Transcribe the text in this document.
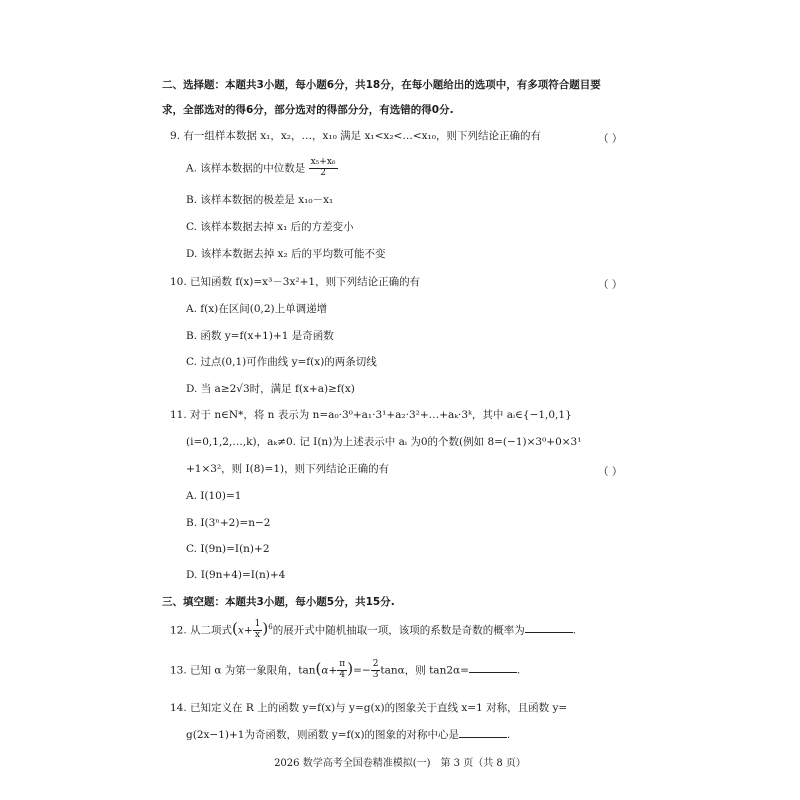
二、选择题：本题共3小题，每小题6分，共18分，在每小题给出的选项中，有多项符合题目要
求，全部选对的得6分，部分选对的得部分分，有选错的得0分.
9. 有一组样本数据 x₁，x₂，…，x₁₀ 满足 x₁<x₂<…<x₁₀，则下列结论正确的有	（ ）
A. 该样本数据的中位数是 $\frac{\text{x₅+x₆}}{2}$
B. 该样本数据的极差是 x₁₀－x₁
C. 该样本数据去掉 x₁ 后的方差变小
D. 该样本数据去掉 x₂ 后的平均数可能不变
10. 已知函数 f(x)=x³－3x²+1，则下列结论正确的有	（ ）
A. f(x)在区间(0,2)上单调递增
B. 函数 y=f(x+1)+1 是奇函数
C. 过点(0,1)可作曲线 y=f(x)的两条切线
D. 当 a≥2√3时，满足 f(x+a)≥f(x)
11. 对于 n∈N*，将 n 表示为 n=a₀·3⁰+a₁·3¹+a₂·3²+…+aₖ·3ᵏ，其中 aᵢ∈{−1,0,1}
(i=0,1,2,…,k)，aₖ≠0. 记 I(n)为上述表示中 aᵢ 为0的个数(例如 8=(−1)×3⁰+0×3¹
+1×3²，则 I(8)=1)，则下列结论正确的有	（ ）
A. I(10)=1
B. I(3ⁿ+2)=n−2
C. I(9n)=I(n)+2
D. I(9n+4)=I(n)+4
三、填空题：本题共3小题，每小题5分，共15分.
12. 从二项式$(x+ \frac{1}{x} )^6$的展开式中随机抽取一项，该项的系数是奇数的概率为	.
13. 已知 α 为第一象限角，$\tan(\alpha+ \frac{\pi}{4}$ )=− $\frac{2}{3}$ tanα，则 tan2α=	.
14. 已知定义在 R 上的函数 y=f(x)与 y=g(x)的图象关于直线 x=1 对称，且函数 y=
g(2x−1)+1为奇函数，则函数 y=f(x)的图象的对称中心是	.
2026 数学高考全国卷精准模拟(一)　第 3 页（共 8 页）
